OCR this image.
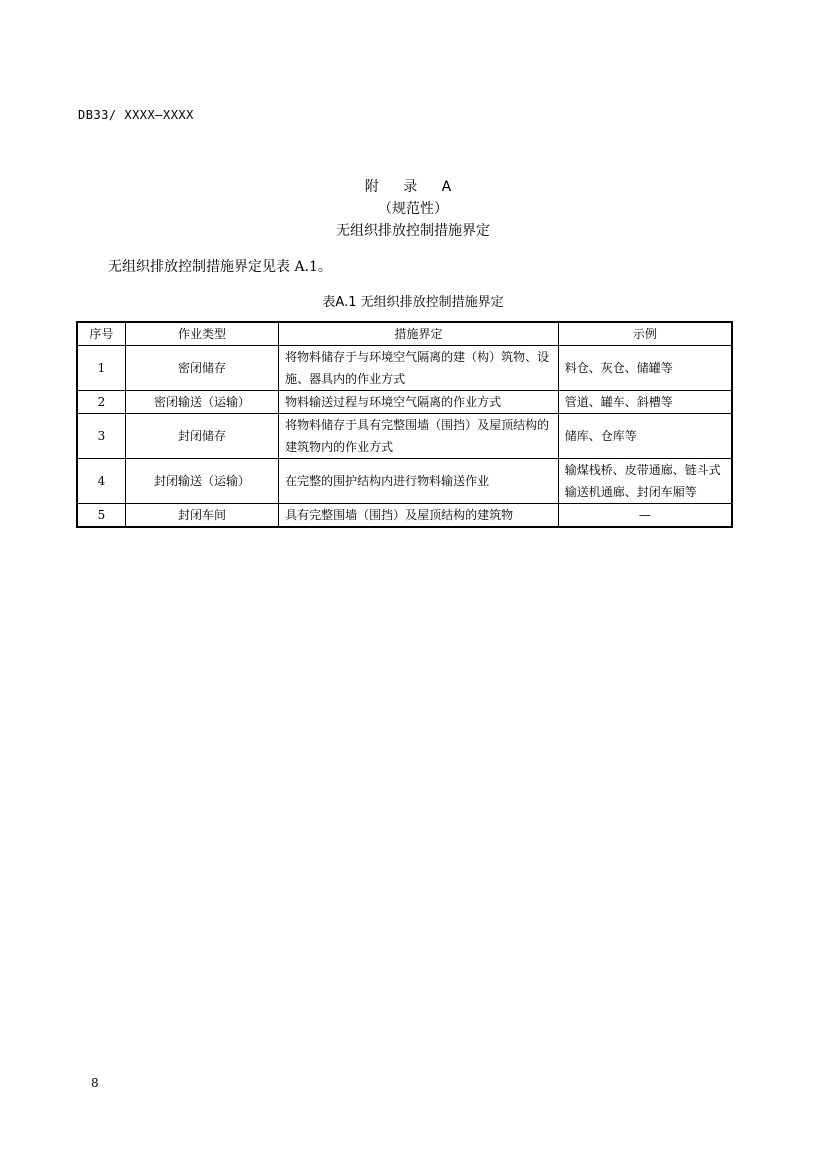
DB33/ XXXX—XXXX
附 录 A
（规范性）
无组织排放控制措施界定
无组织排放控制措施界定见表 A.1。
表A.1 无组织排放控制措施界定
序号	作业类型	措施界定	示例
1	密闭储存	将物料储存于与环境空气隔离的建（构）筑物、设施、器具内的作业方式	料仓、灰仓、储罐等
2	密闭输送（运输）	物料输送过程与环境空气隔离的作业方式	管道、罐车、斜槽等
3	封闭储存	将物料储存于具有完整围墙（围挡）及屋顶结构的建筑物内的作业方式	储库、仓库等
4	封闭输送（运输）	在完整的围护结构内进行物料输送作业	输煤栈桥、皮带通廊、链斗式输送机通廊、封闭车厢等
5	封闭车间	具有完整围墙（围挡）及屋顶结构的建筑物	—
8
